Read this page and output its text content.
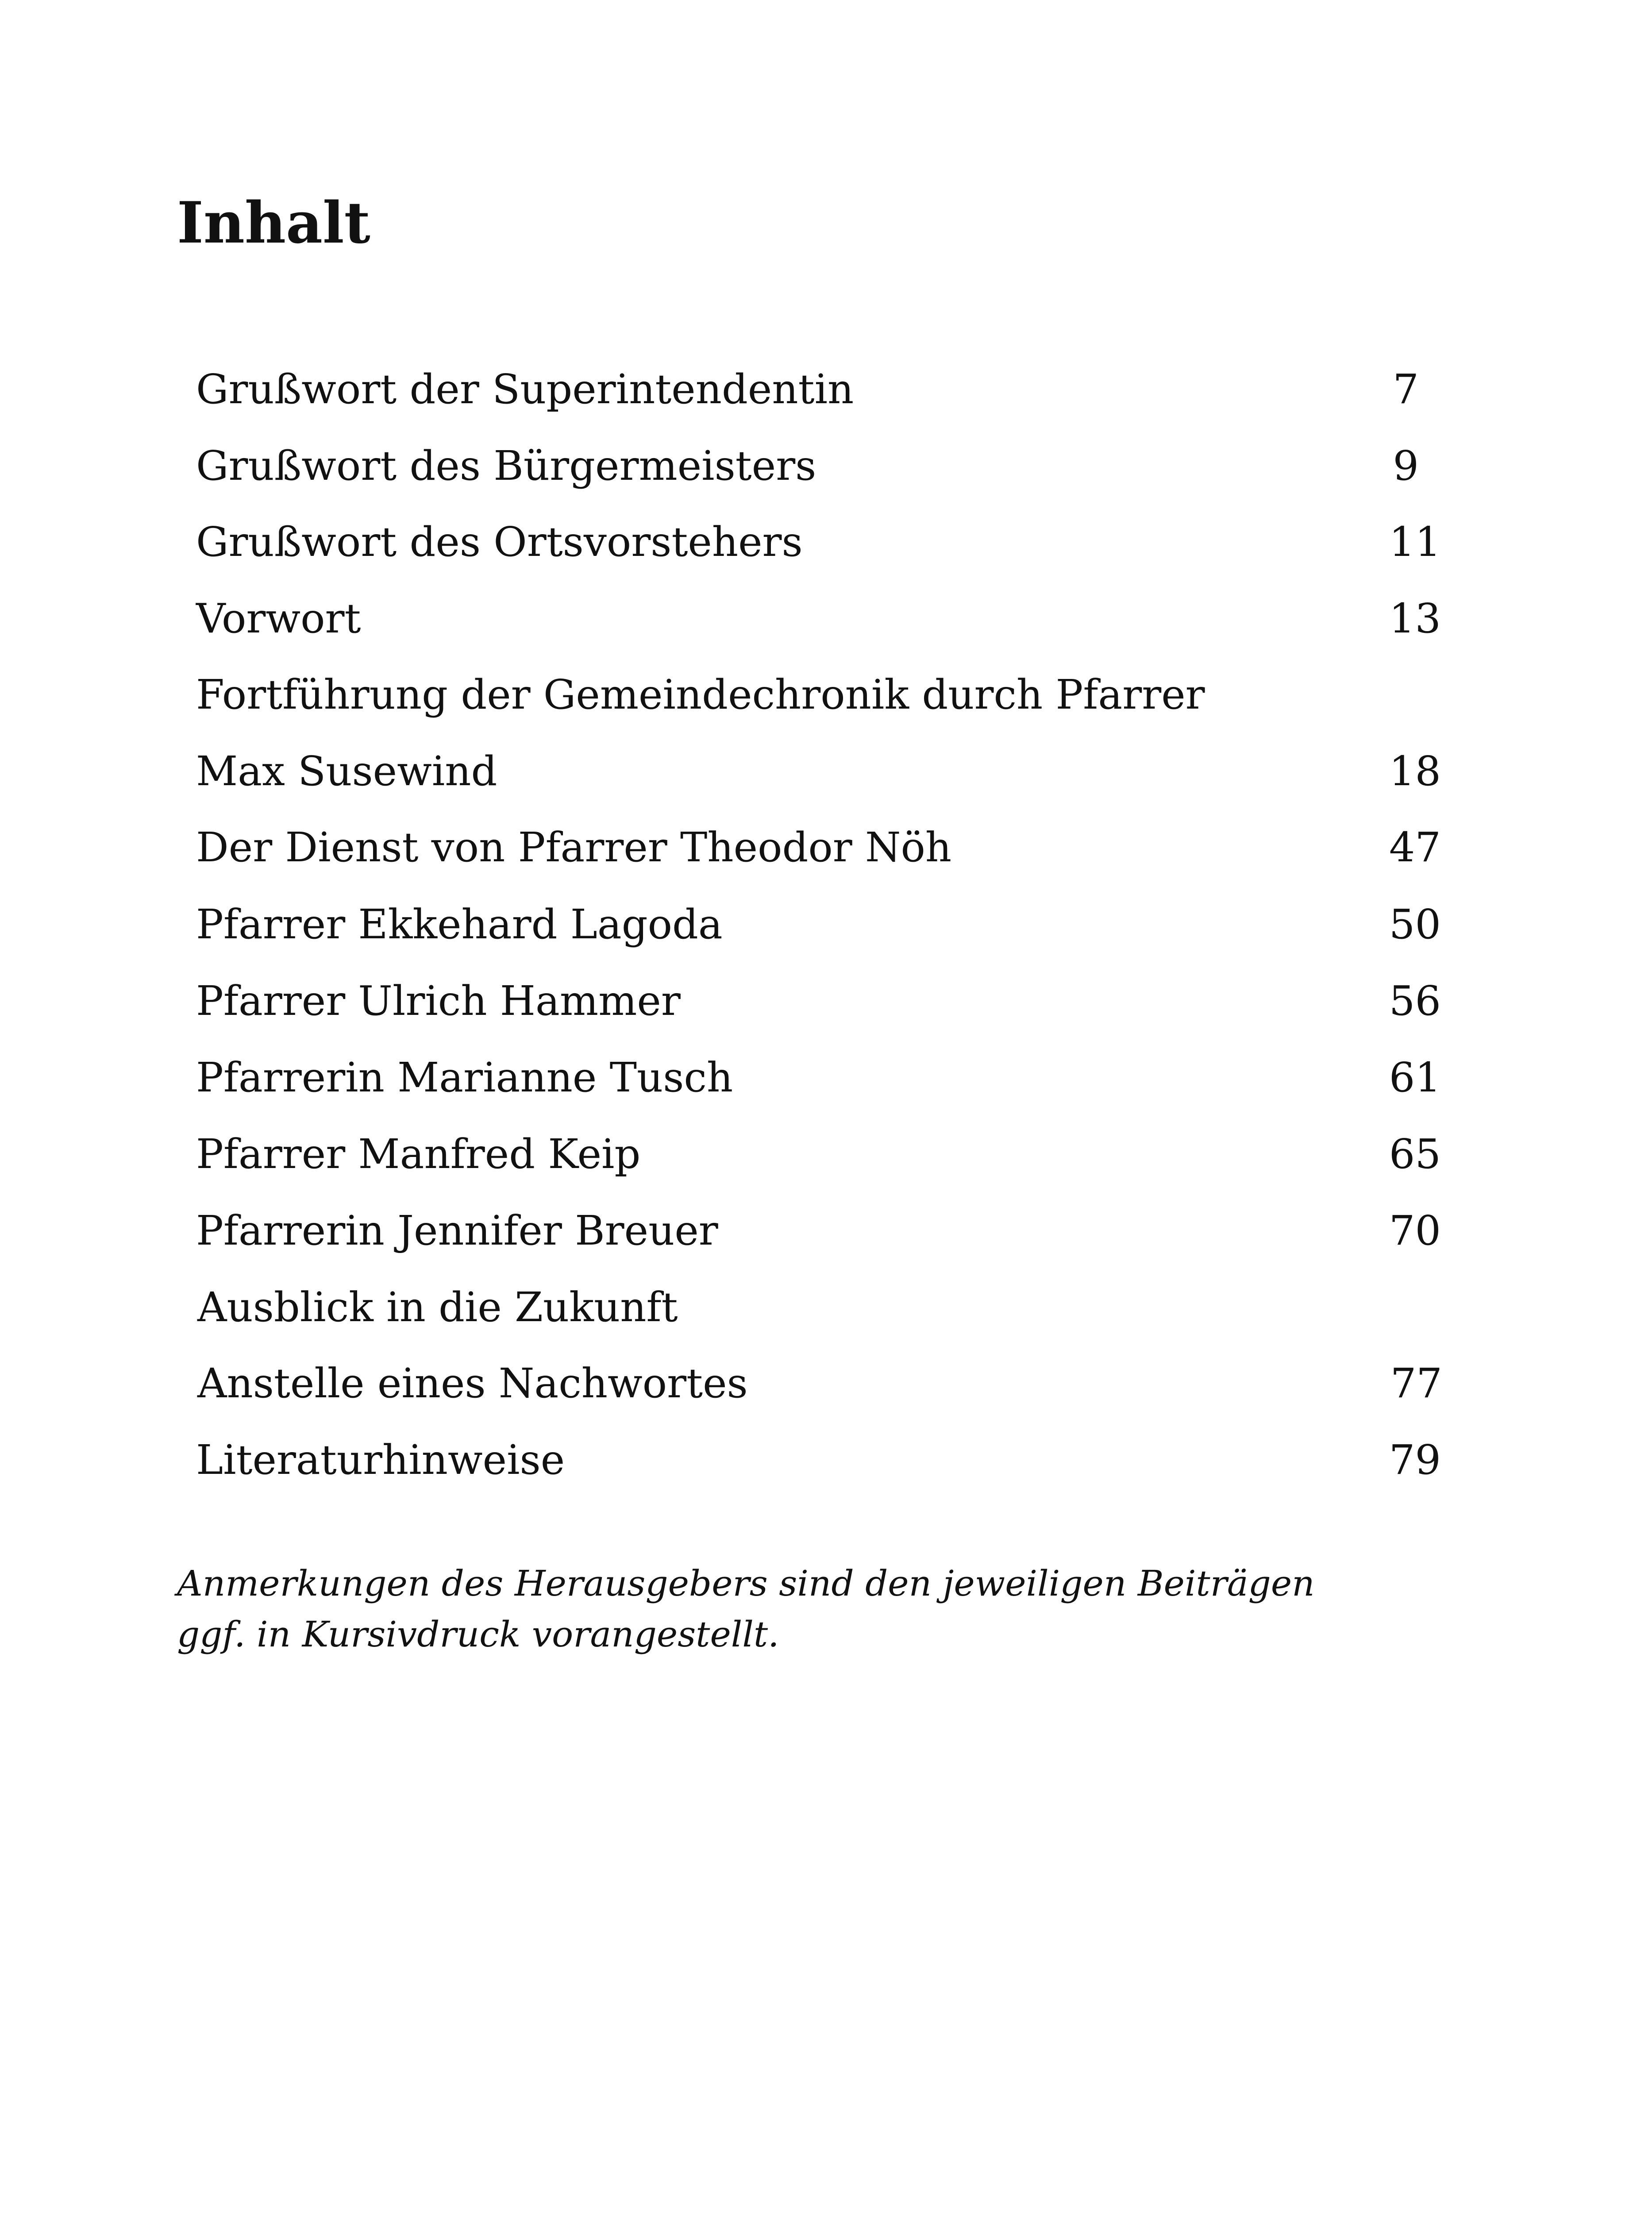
Inhalt
Grußwort der Superintendentin	7
Grußwort des Bürgermeisters	9
Grußwort des Ortsvorstehers	11
Vorwort	13
Fortführung der Gemeindechronik durch Pfarrer
Max Susewind	18
Der Dienst von Pfarrer Theodor Nöh	47
Pfarrer Ekkehard Lagoda	50
Pfarrer Ulrich Hammer	56
Pfarrerin Marianne Tusch	61
Pfarrer Manfred Keip	65
Pfarrerin Jennifer Breuer	70
Ausblick in die Zukunft
Anstelle eines Nachwortes	77
Literaturhinweise	79

Anmerkungen des Herausgebers sind den jeweiligen Beiträgen ggf. in Kursivdruck vorangestellt.
